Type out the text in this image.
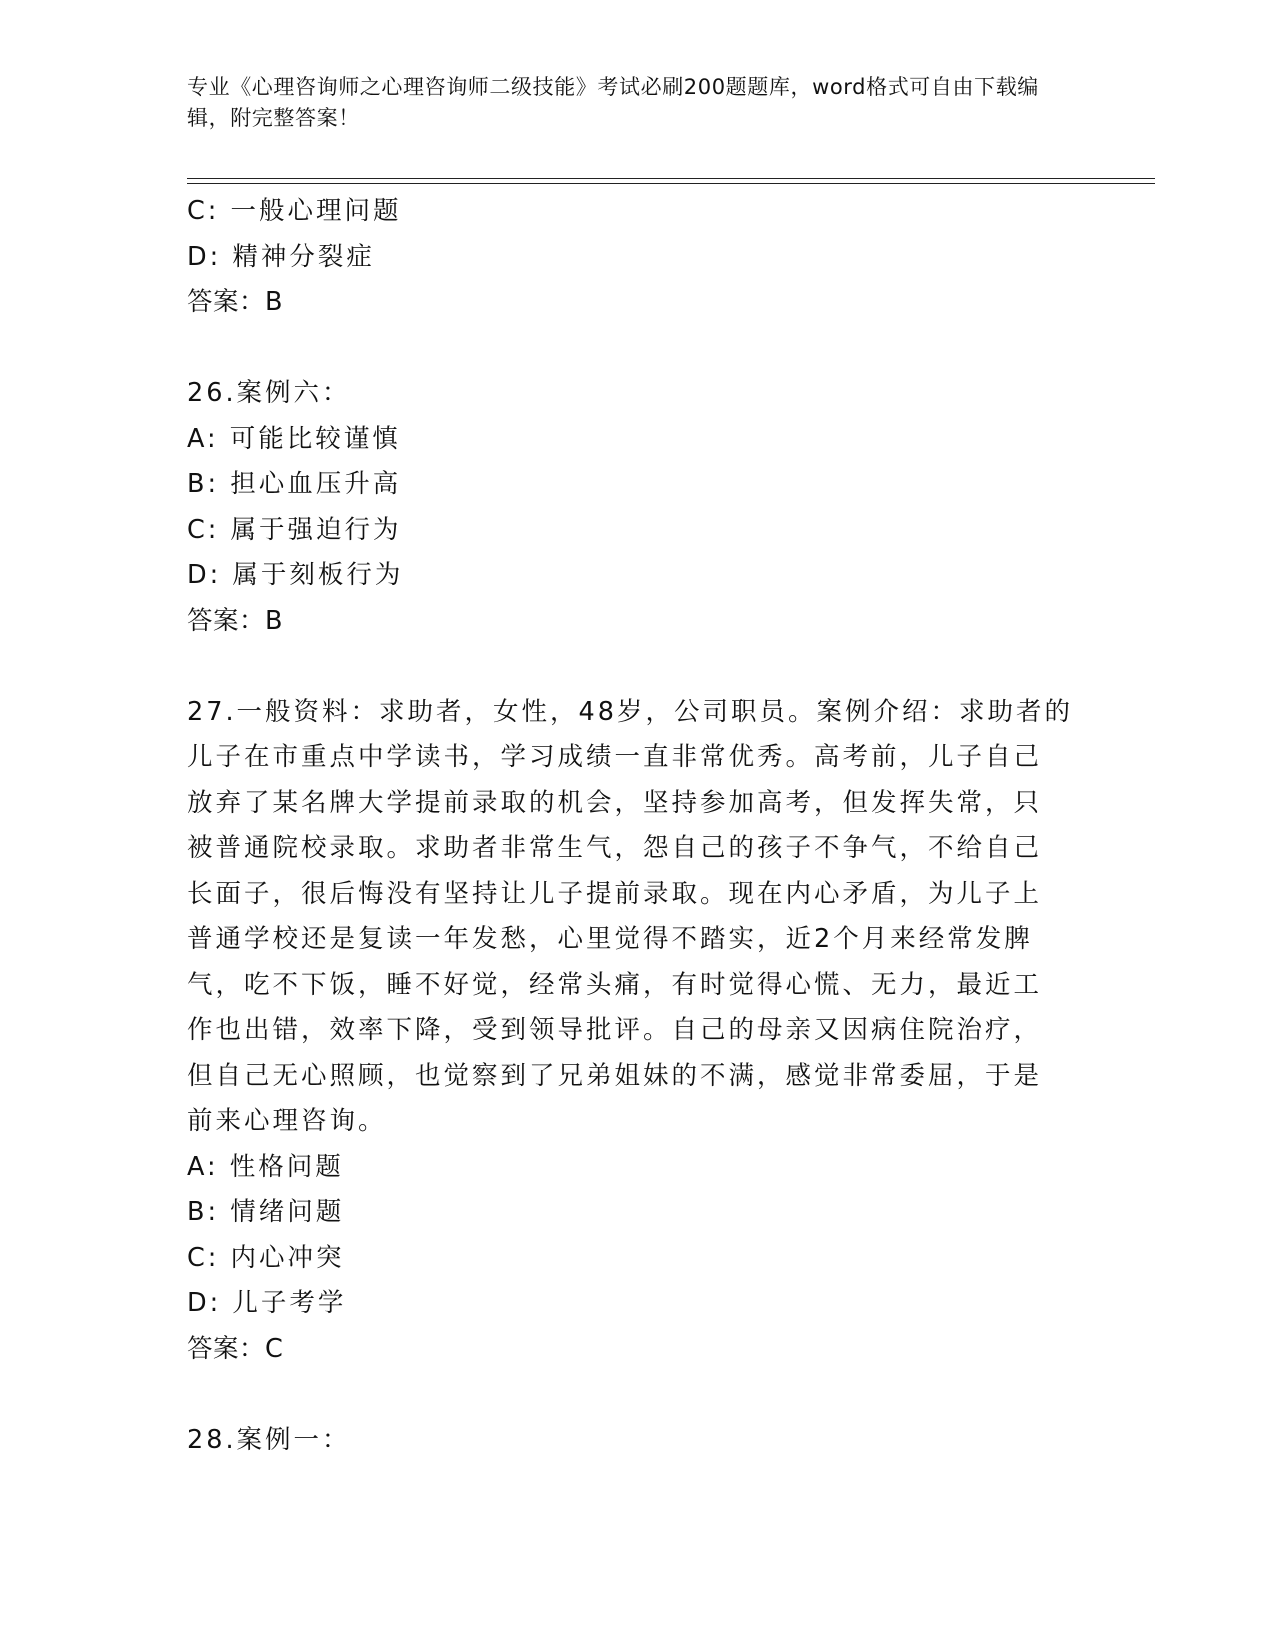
专业《心理咨询师之心理咨询师二级技能》考试必刷200题题库，word格式可自由下载编辑，附完整答案！
C: 一般心理问题
D: 精神分裂症
答案：B
26.案例六：
A: 可能比较谨慎
B: 担心血压升高
C: 属于强迫行为
D: 属于刻板行为
答案：B
27.一般资料：求助者，女性，48岁，公司职员。案例介绍：求助者的
儿子在市重点中学读书，学习成绩一直非常优秀。高考前，儿子自己
放弃了某名牌大学提前录取的机会，坚持参加高考，但发挥失常，只
被普通院校录取。求助者非常生气，怨自己的孩子不争气，不给自己
长面子，很后悔没有坚持让儿子提前录取。现在内心矛盾，为儿子上
普通学校还是复读一年发愁，心里觉得不踏实，近2个月来经常发脾
气，吃不下饭，睡不好觉，经常头痛，有时觉得心慌、无力，最近工
作也出错，效率下降，受到领导批评。自己的母亲又因病住院治疗，
但自己无心照顾，也觉察到了兄弟姐妹的不满，感觉非常委屈，于是
前来心理咨询。
A: 性格问题
B: 情绪问题
C: 内心冲突
D: 儿子考学
答案：C
28.案例一：
